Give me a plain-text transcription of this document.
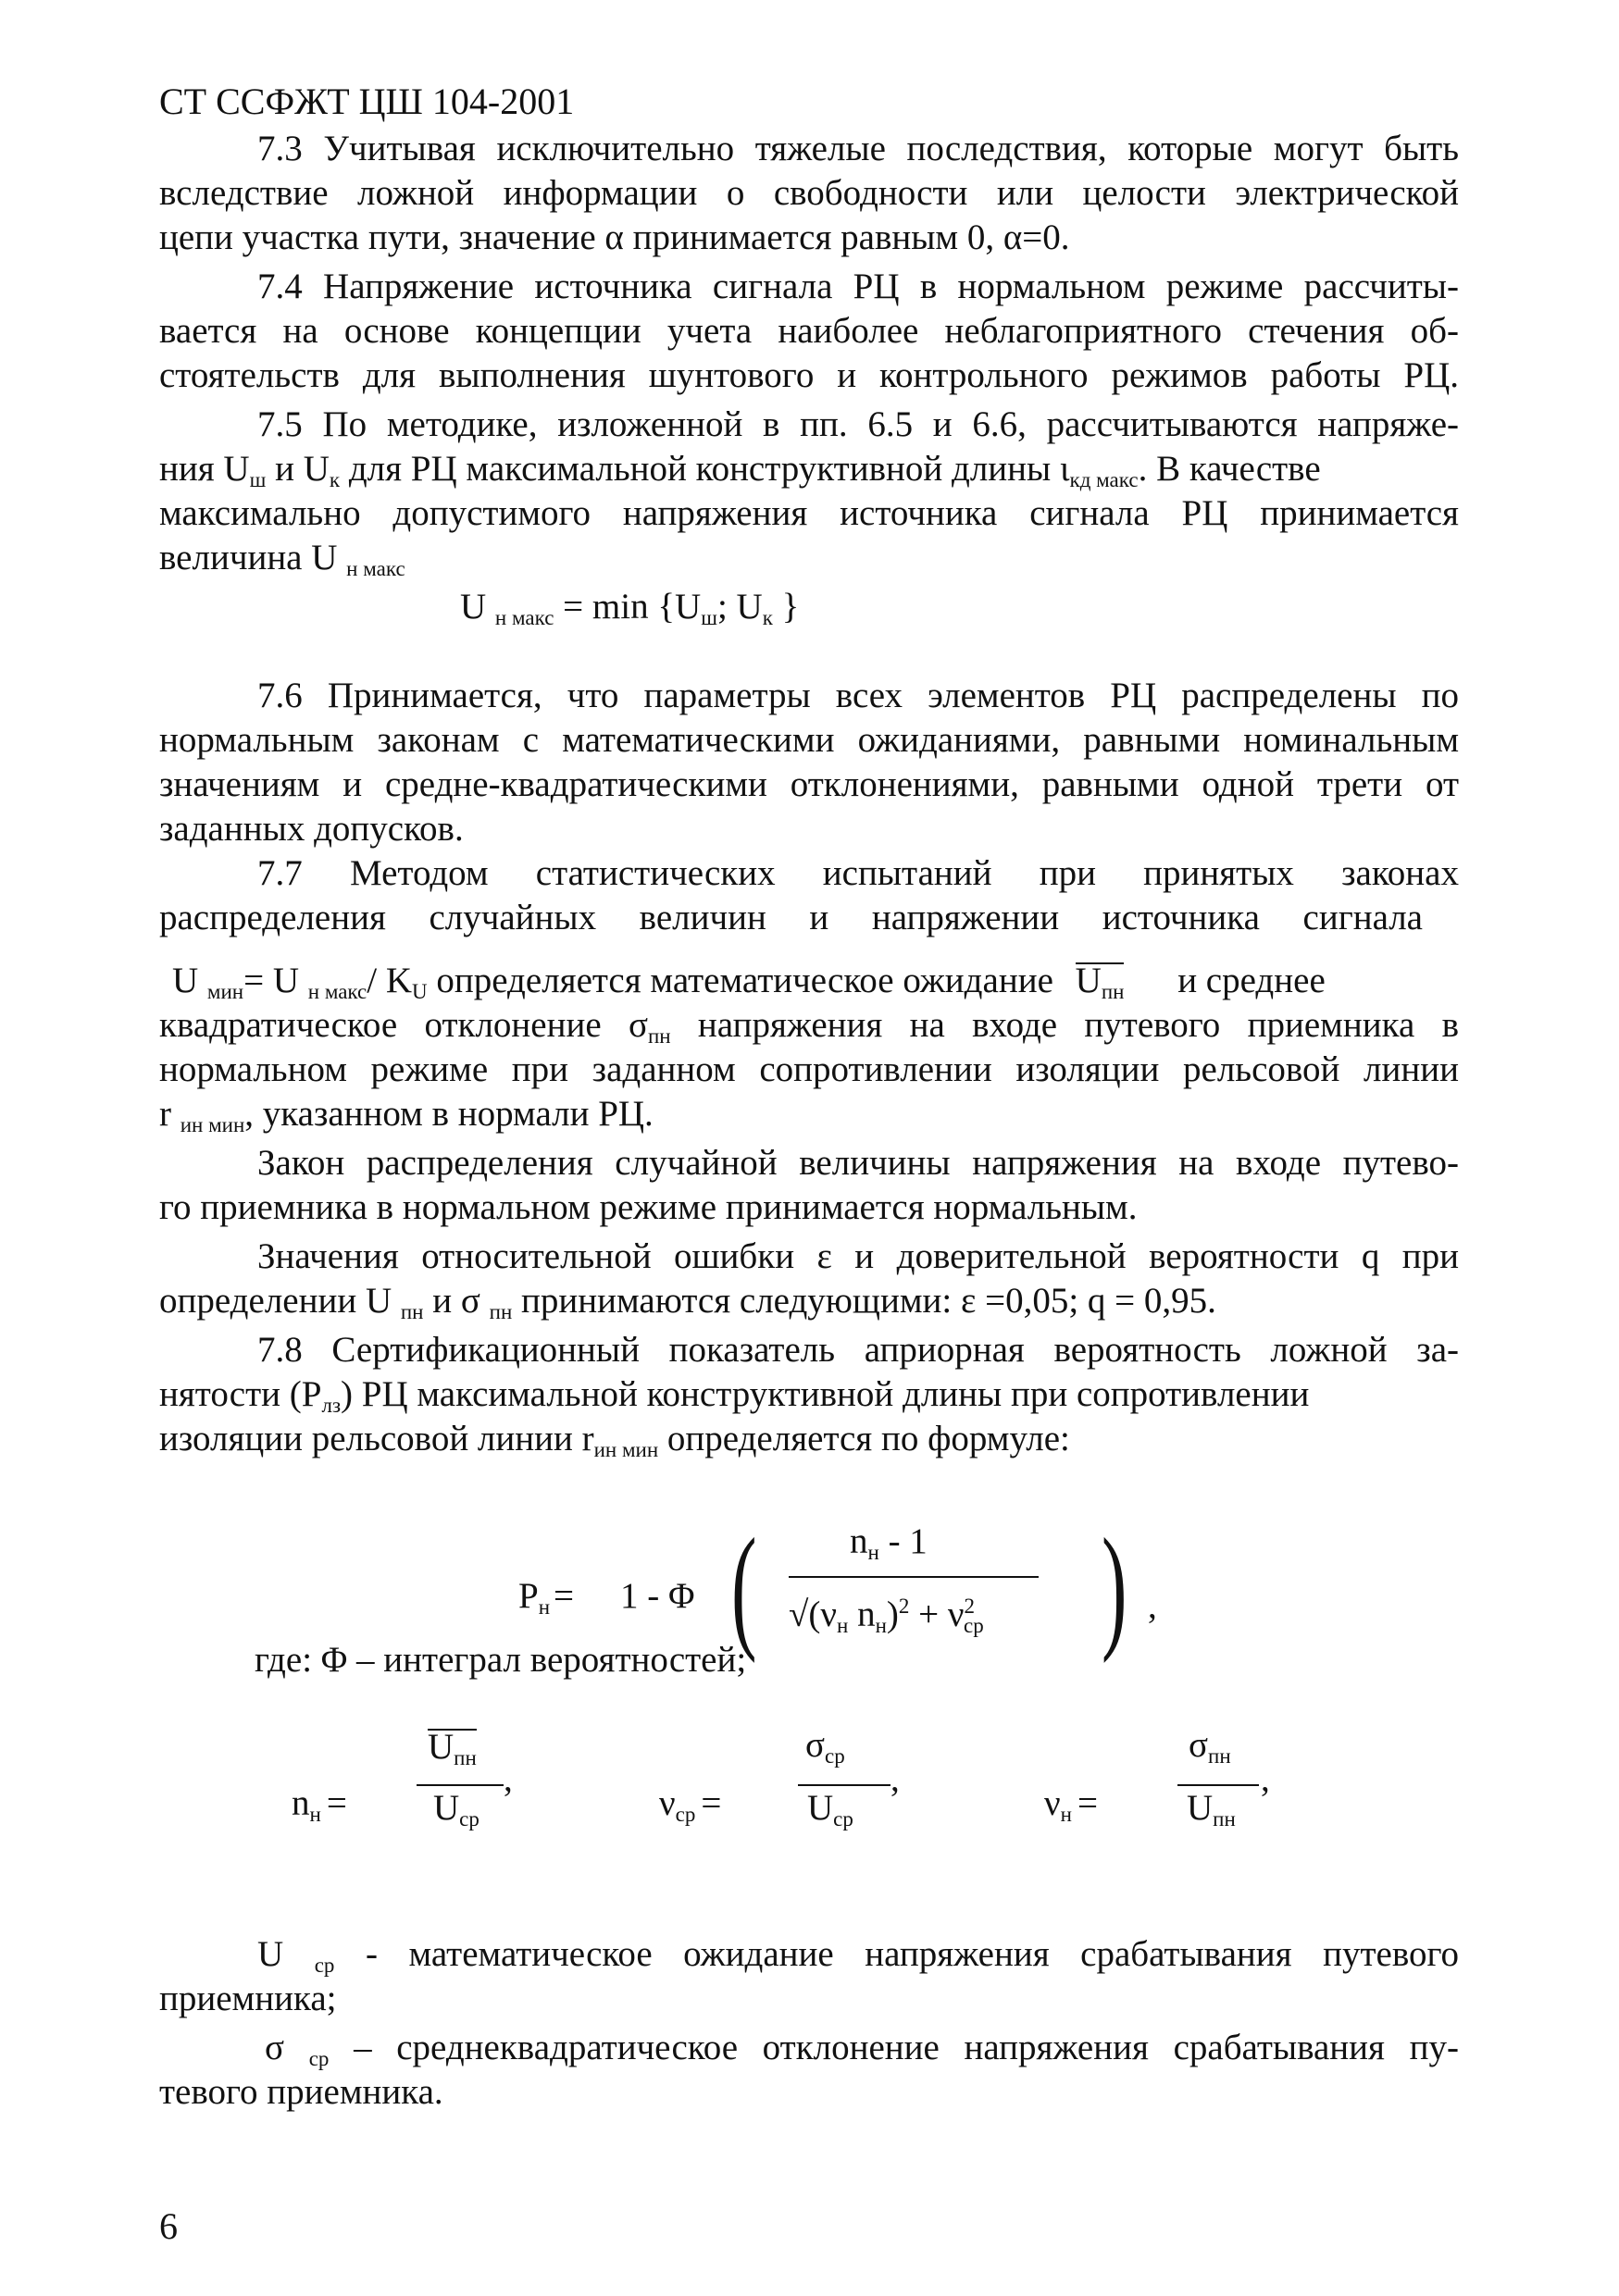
СТ ССФЖТ ЦШ 104-2001
7.3 Учитывая исключительно тяжелые последствия, которые могут быть
вследствие ложной информации о свободности или целости электрической
цепи участка пути, значение α принимается равным 0, α=0.
7.4 Напряжение источника сигнала РЦ в нормальном режиме рассчиты-
вается на основе концепции учета наиболее неблагоприятного стечения об-
стоятельств для выполнения шунтового и контрольного режимов работы РЦ.
7.5 По методике, изложенной в пп. 6.5 и 6.6, рассчитываются напряже-
ния $U_ш$ и $U_к$ для РЦ максимальной конструктивной длины $\iota_{кд макс}$. В качестве
максимально допустимого напряжения источника сигнала РЦ принимается
величина U $_{н макс}$
U $_{н макс} = \min \{U_ш$; $U_к$ }
7.6 Принимается, что параметры всех элементов РЦ распределены по
нормальным законам с математическими ожиданиями, равными номинальным
значениям и средне-квадратическими отклонениями, равными одной трети от
заданных допусков.
7.7 Методом статистических испытаний при принятых законах
распределения случайных величин и напряжении источника сигнала
U $_{мин}$= U $_{н макс}$/ $K_U$ определяется математическое ожидание $U_{пн}$ и среднее
квадратическое отклонение $\sigma_{пн}$ напряжения на входе путевого приемника в
нормальном режиме при заданном сопротивлении изоляции рельсовой линии
r $_{ин мин}$, указанном в нормали РЦ.
Закон распределения случайной величины напряжения на входе путево-
го приемника в нормальном режиме принимается нормальным.
Значения относительной ошибки ε и доверительной вероятности q при
определении U $_{пн}$ и σ $_{пн}$ принимаются следующими: ε =0,05; q = 0,95.
7.8 Сертификационный показатель априорная вероятность ложной за-
нятости $(P_{лз})$ РЦ максимальной конструктивной длины при сопротивлении
изоляции рельсовой линии $r_{ин мин}$ определяется по формуле:
$P_н = 1 - \Phi$ (	$n_н - 1$
$√(\nu_н$ $n_н)^2 + \nu^2_{ср}$ ) ,
где: Φ – интеграл вероятностей;
$n_н$ =
$U_{пн}$
$U_{ср}$
,
$\nu_{ср}$ =
$\sigma_{ср}$
$U_{ср}$
,
$\nu_н$ =
$\sigma_{пн}$
$U_{пн}$
,
U $_{ср}$ - математическое ожидание напряжения срабатывания путевого
приемника;
σ $_{ср}$ – среднеквадратическое отклонение напряжения срабатывания пу-
тевого приемника.
6
